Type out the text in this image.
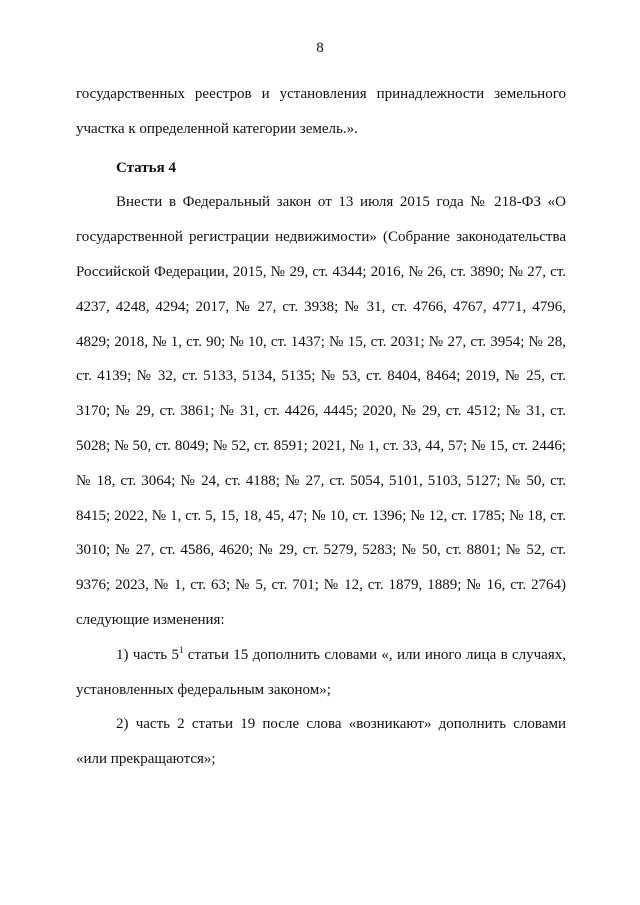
8

государственных реестров и установления принадлежности земельного участка к определенной категории земель.».

Статья 4

Внести в Федеральный закон от 13 июля 2015 года № 218-ФЗ «О государственной регистрации недвижимости» (Собрание законодательства Российской Федерации, 2015, № 29, ст. 4344; 2016, № 26, ст. 3890; № 27, ст. 4237, 4248, 4294; 2017, № 27, ст. 3938; № 31, ст. 4766, 4767, 4771, 4796, 4829; 2018, № 1, ст. 90; № 10, ст. 1437; № 15, ст. 2031; № 27, ст. 3954; № 28, ст. 4139; № 32, ст. 5133, 5134, 5135; № 53, ст. 8404, 8464; 2019, № 25, ст. 3170; № 29, ст. 3861; № 31, ст. 4426, 4445; 2020, № 29, ст. 4512; № 31, ст. 5028; № 50, ст. 8049; № 52, ст. 8591; 2021, № 1, ст. 33, 44, 57; № 15, ст. 2446; № 18, ст. 3064; № 24, ст. 4188; № 27, ст. 5054, 5101, 5103, 5127; № 50, ст. 8415; 2022, № 1, ст. 5, 15, 18, 45, 47; № 10, ст. 1396; № 12, ст. 1785; № 18, ст. 3010; № 27, ст. 4586, 4620; № 29, ст. 5279, 5283; № 50, ст. 8801; № 52, ст. 9376; 2023, № 1, ст. 63; № 5, ст. 701; № 12, ст. 1879, 1889; № 16, ст. 2764) следующие изменения:

1) часть $5^1$ статьи 15 дополнить словами «, или иного лица в случаях, установленных федеральным законом»;

2) часть 2 статьи 19 после слова «возникают» дополнить словами «или прекращаются»;
